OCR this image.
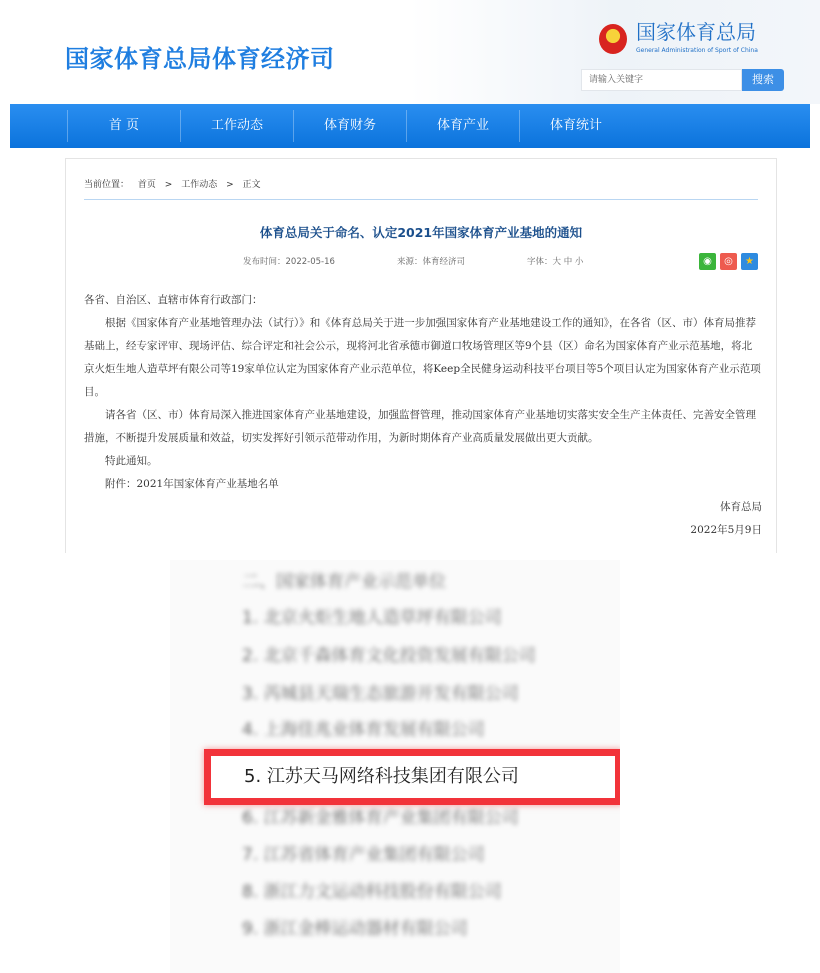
国家体育总局体育经济司
国家体育总局
General Administration of Sport of China
请输入关键字	搜索
首 页	工作动态	体育财务	体育产业	体育统计
当前位置： 首页 > 工作动态 > 正文
体育总局关于命名、认定2021年国家体育产业基地的通知
发布时间：2022-05-16	来源：体育经济司	字体：大 中 小	◉	◎	★

各省、自治区、直辖市体育行政部门：

根据《国家体育产业基地管理办法（试行）》和《体育总局关于进一步加强国家体育产业基地建设工作的通知》，在各省（区、市）体育局推荐基础上，经专家评审、现场评估、综合评定和社会公示，现将河北省承德市御道口牧场管理区等9个县（区）命名为国家体育产业示范基地，将北京火炬生地人造草坪有限公司等19家单位认定为国家体育产业示范单位，将Keep全民健身运动科技平台项目等5个项目认定为国家体育产业示范项目。

请各省（区、市）体育局深入推进国家体育产业基地建设，加强监督管理，推动国家体育产业基地切实落实安全生产主体责任、完善安全管理措施，不断提升发展质量和效益，切实发挥好引领示范带动作用，为新时期体育产业高质量发展做出更大贡献。

特此通知。

附件：2021年国家体育产业基地名单

体育总局

2022年5月9日

二、国家体育产业示范单位
1. 北京火炬生地人造草坪有限公司
2. 北京千森体育文化投资发展有限公司
3. 芮城县天瑞生态旅游开发有限公司
4. 上海佳兆业体育发展有限公司
6. 江苏新金雅体育产业集团有限公司
7. 江苏省体育产业集团有限公司
8. 浙江力文运动科技股份有限公司
9. 浙江金棒运动器材有限公司
5. 江苏天马网络科技集团有限公司
